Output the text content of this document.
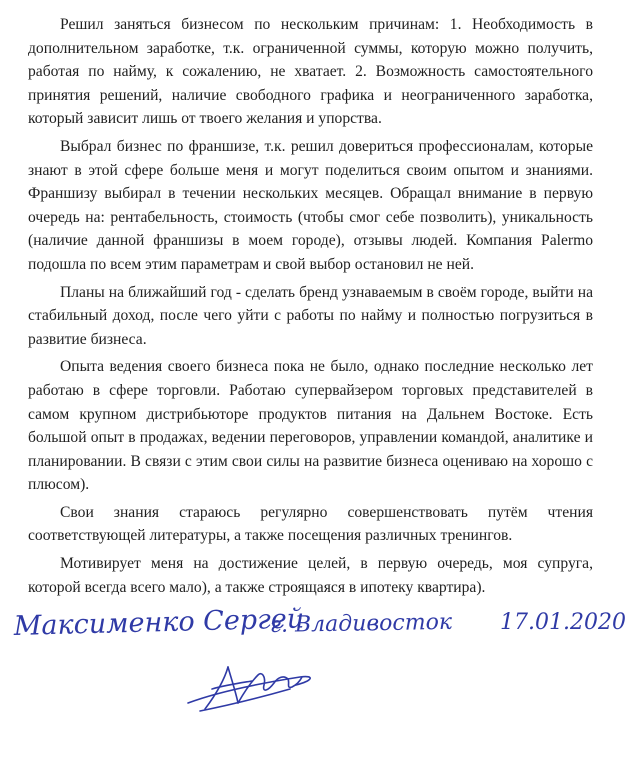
Решил заняться бизнесом по нескольким причинам: 1. Необходимость в дополнительном заработке, т.к. ограниченной суммы, которую можно получить, работая по найму, к сожалению, не хватает. 2. Возможность самостоятельного принятия решений, наличие свободного графика и неограниченного заработка, который зависит лишь от твоего желания и упорства.

Выбрал бизнес по франшизе, т.к. решил довериться профессионалам, которые знают в этой сфере больше меня и могут поделиться своим опытом и знаниями. Франшизу выбирал в течении нескольких месяцев. Обращал внимание в первую очередь на: рентабельность, стоимость (чтобы смог себе позволить), уникальность (наличие данной франшизы в моем городе), отзывы людей. Компания Palermo подошла по всем этим параметрам и свой выбор остановил не ней.

Планы на ближайший год - сделать бренд узнаваемым в своём городе, выйти на стабильный доход, после чего уйти с работы по найму и полностью погрузиться в развитие бизнеса.

Опыта ведения своего бизнеса пока не было, однако последние несколько лет работаю в сфере торговли. Работаю супервайзером торговых представителей в самом крупном дистрибьюторе продуктов питания на Дальнем Востоке. Есть большой опыт в продажах, ведении переговоров, управлении командой, аналитике и планировании. В связи с этим свои силы на развитие бизнеса оцениваю на хорошо с плюсом).

Свои знания стараюсь регулярно совершенствовать путём чтения соответствующей литературы, а также посещения различных тренингов.

Мотивирует меня на достижение целей, в первую очередь, моя супруга, которой всегда всего мало), а также строящаяся в ипотеку квартира).

Максименко Сергей
г. Владивосток 17.01.2020
